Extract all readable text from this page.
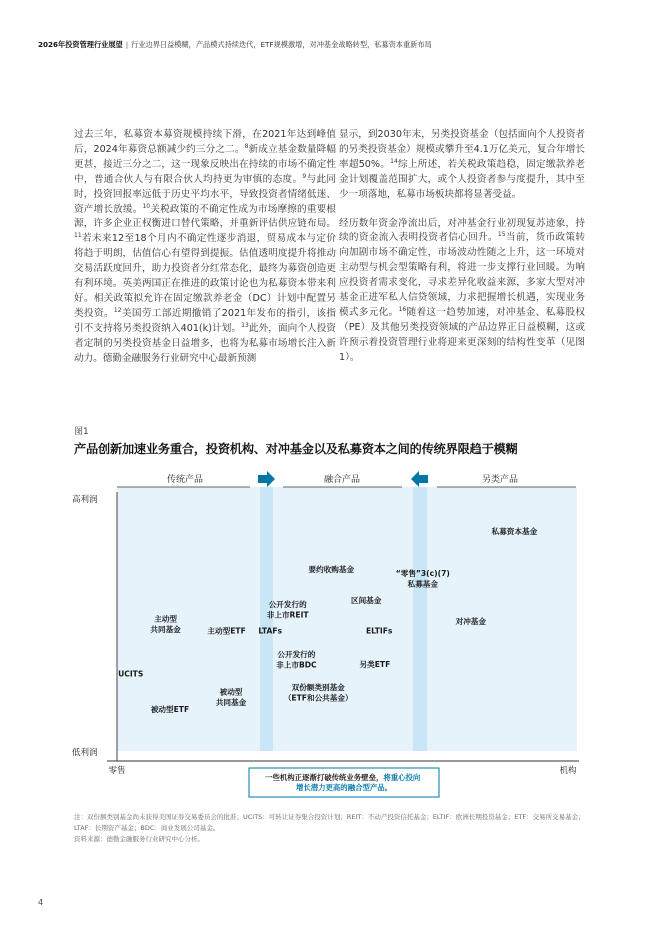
2026年投资管理行业展望 | 行业边界日益模糊，产品模式持续迭代，ETF规模激增，对冲基金战略转型，私募资本重新布局

过去三年，私募资本募资规模持续下滑，在2021年达到峰值后，2024年募资总额减少约三分之二。$^8$新成立基金数量降幅更甚，接近三分之二，这一现象反映出在持续的市场不确定性中，普通合伙人与有限合伙人均持更为审慎的态度。$^9$与此同时，投资回报率远低于历史平均水平，导致投资者情绪低迷、资产增长放缓。$^{10}$关税政策的不确定性成为市场摩擦的重要根源，许多企业正权衡进口替代策略，并重新评估供应链布局。$^{11}$若未来12至18个月内不确定性逐步消退，贸易成本与定价将趋于明朗，估值信心有望得到提振。估值透明度提升将推动交易活跃度回升，助力投资者分红常态化，最终为募资创造更有利环境。英美两国正在推进的政策讨论也为私募资本带来利好。相关政策拟允许在固定缴款养老金（DC）计划中配置另类投资。$^{12}$美国劳工部近期撤销了2021年发布的指引，该指引不支持将另类投资纳入401(k)计划。$^{13}$此外，面向个人投资者定制的另类投资基金日益增多，也将为私募市场增长注入新动力。德勤金融服务行业研究中心最新预测

显示，到2030年末，另类投资基金（包括面向个人投资者的另类投资基金）规模或攀升至4.1万亿美元，复合年增长率超50%。$^{14}$综上所述，若关税政策趋稳，固定缴款养老金计划覆盖范围扩大，或个人投资者参与度提升，其中至少一项落地，私募市场板块都将显著受益。

经历数年资金净流出后，对冲基金行业初现复苏迹象，持续的资金流入表明投资者信心回升。$^{15}$当前，货币政策转向加剧市场不确定性，市场波动性随之上升，这一环境对主动型与机会型策略有利，将进一步支撑行业回暖。为响应投资者需求变化，寻求差异化收益来源，多家大型对冲基金正进军私人信贷领域，力求把握增长机遇，实现业务模式多元化。$^{16}$随着这一趋势加速，对冲基金、私募股权（PE）及其他另类投资领域的产品边界正日益模糊，这或许预示着投资管理行业将迎来更深刻的结构性变革（见图1）。

图1
产品创新加速业务重合，投资机构、对冲基金以及私募资本之间的传统界限趋于模糊
传统产品	融合产品	另类产品
高利润
低利润
零售	机构
私募资本基金
“零售”3(c)(7)私募基金
要约收购基金
公开发行的非上市REIT
区间基金
对冲基金
主动型共同基金	主动型ETF LTAFs	ELTIFs
公开发行的非上市BDC	另类ETF
UCITS
被动型共同基金
双份额类别基金（ETF和公共基金）
被动型ETF
一些机构正逐渐打破传统业务壁垒，将重心投向 增长潜力更高的融合型产品。
注：双份额类别基金尚未获得美国证券交易委员会的批准；UCITS：可转让证券集合投资计划；REIT：不动产投资信托基金；ELTIF：欧洲长期投资基金；ETF：交易所交易基金；LTAF：长期资产基金；BDC：商业发展公司基金。
资料来源：德勤金融服务行业研究中心分析。
4
